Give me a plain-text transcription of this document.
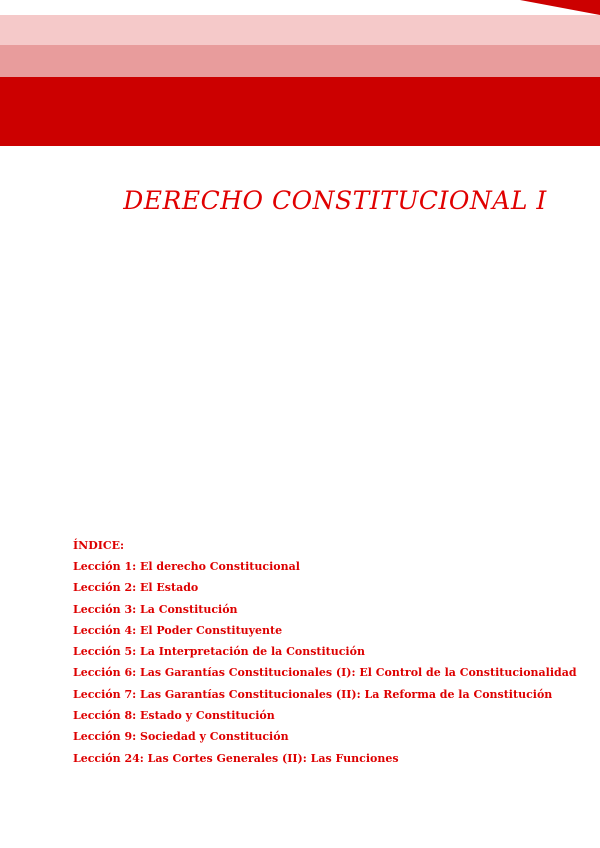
DERECHO CONSTITUCIONAL I
ÍNDICE:
Lección 1: El derecho Constitucional
Lección 2: El Estado
Lección 3: La Constitución
Lección 4: El Poder Constituyente
Lección 5: La Interpretación de la Constitución
Lección 6: Las Garantías Constitucionales (I): El Control de la Constitucionalidad
Lección 7: Las Garantías Constitucionales (II): La Reforma de la Constitución
Lección 8: Estado y Constitución
Lección 9: Sociedad y Constitución
Lección 24: Las Cortes Generales (II): Las Funciones
